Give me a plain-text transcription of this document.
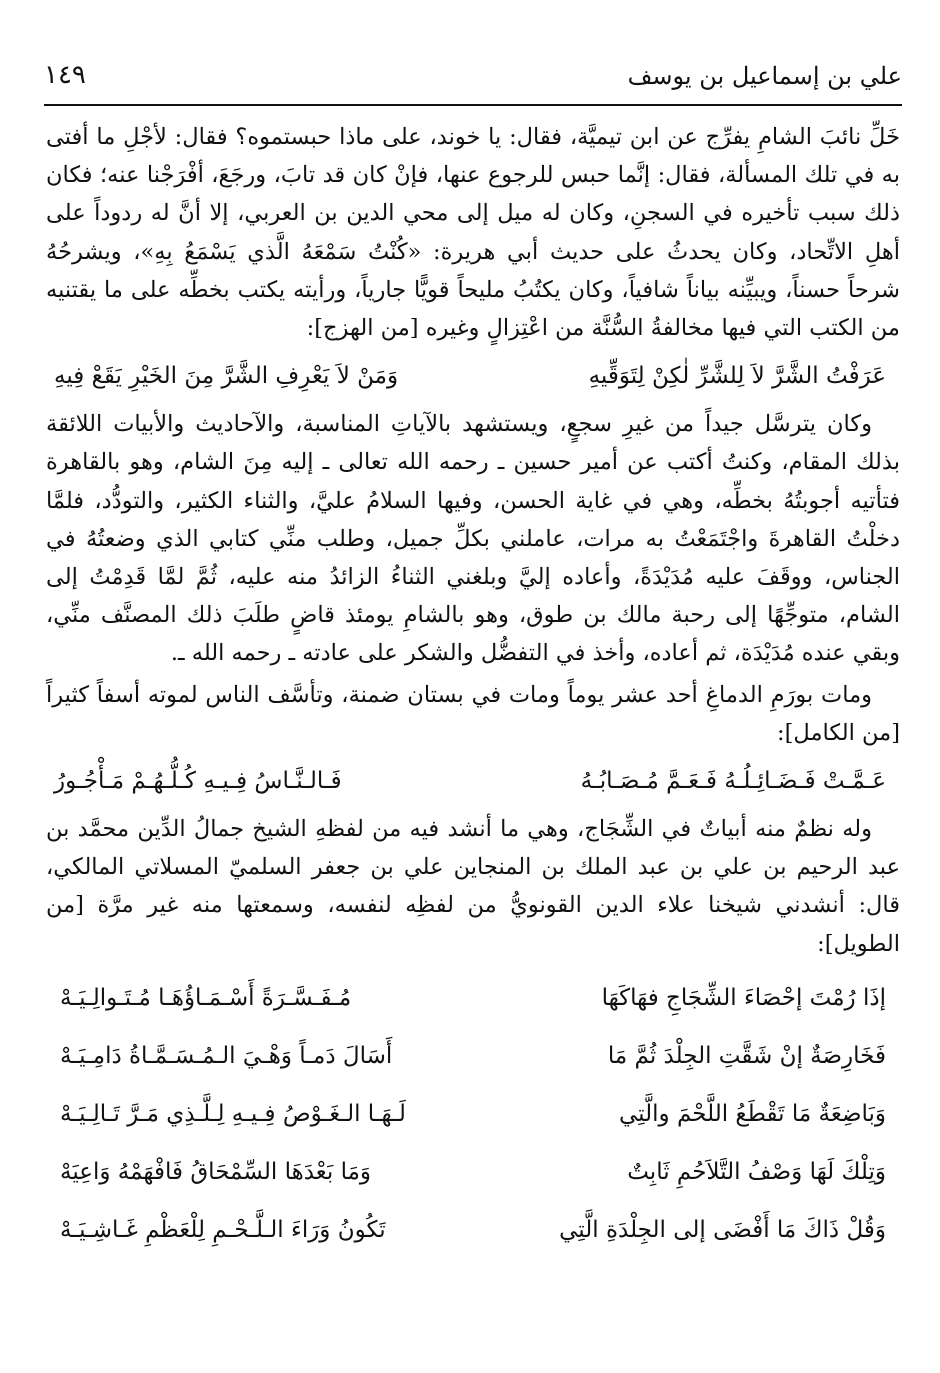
علي بن إسماعيل بن يوسف
١٤٩

خَلِّ نائبَ الشامِ يفرِّج عن ابن تيميَّة، فقال: يا خوند، على ماذا حبستموه؟ فقال: لأجْلِ ما أفتى به في تلك المسألة، فقال: إنَّما حبس للرجوع عنها، فإنْ كان قد تابَ، ورجَعَ، أفْرَجْنا عنه؛ فكان ذلك سبب تأخيره في السجنِ، وكان له ميل إلى محي الدين بن العربي، إلا أنَّ له ردوداً على أهلِ الاتِّحاد، وكان يحدثُ على حديث أبي هريرة: «كُنْتُ سَمْعَهُ الَّذي يَسْمَعُ بِهِ»، ويشرحُهُ شرحاً حسناً، ويبيِّنه بياناً شافياً، وكان يكتُبُ مليحاً قويًّا جارياً، ورأيته يكتب بخطِّه على ما يقتنيه من الكتب التي فيها مخالفةُ السُّنَّة من اعْتِزالٍ وغيره [من الهزج]:

عَرَفْتُ الشَّرَّ لاَ لِلشَّرِّ لٰكِنْ لِتَوَقِّيهِ
وَمَنْ لاَ يَعْرِفِ الشَّرَّ مِنَ الخَيْرِ يَقَعْ فِيهِ

وكان يترسَّل جيداً من غيرِ سجعٍ، ويستشهد بالآياتِ المناسبة، والآحاديث والأبيات اللائقة بذلك المقام، وكنتُ أكتب عن أمير حسين ـ رحمه الله تعالى ـ إليه مِنَ الشام، وهو بالقاهرة فتأتيه أجوبتُهُ بخطِّه، وهي في غاية الحسن، وفيها السلامُ عليَّ، والثناء الكثير، والتودُّد، فلمَّا دخلْتُ القاهرةَ واجْتَمَعْتُ به مرات، عاملني بكلِّ جميل، وطلب منِّي كتابي الذي وضعتُهُ في الجناس، ووقَفَ عليه مُدَيْدَةً، وأعاده إليَّ وبلغني الثناءُ الزائدُ منه عليه، ثُمَّ لمَّا قَدِمْتُ إلى الشام، متوجِّهًا إلى رحبة مالك بن طوق، وهو بالشامِ يومئذ قاضٍ طلَبَ ذلك المصنَّف منِّي، وبقي عنده مُدَيْدَة، ثم أعاده، وأخذ في التفضُّل والشكر على عادته ـ رحمه الله ـ.

ومات بورَمِ الدماغِ أحد عشر يوماً ومات في بستان ضمنة، وتأسَّف الناس لموته أسفاً كثيراً [من الكامل]:

عَـمَّـتْ فَـضَـائِـلُـهُ فَـعَـمَّ مُـصَـابُـهُ
فَـالـنَّـاسُ فِـيـهِ كُـلُّـهُـمْ مَـأْجُـورُ

وله نظمٌ منه أبياتٌ في الشِّجَاج، وهي ما أنشد فيه من لفظهِ الشيخ جمالُ الدِّين محمَّد بن عبد الرحيم بن علي بن عبد الملك بن المنجاين علي بن جعفر السلميّ المسلاتي المالكي، قال: أنشدني شيخنا علاء الدين القونويُّ من لفظِه لنفسه، وسمعتها منه غير مرَّة [من الطويل]:

إذَا رُمْتَ إحْصَاءَ الشِّجَاجِ فهَاكَهَا
مُـفَـسَّـرَةً أَسْـمَـاؤُهَـا مُـتَـوالِـيَـهْ
فَخَارِصَةٌ إنْ شَقَّتِ الجِلْدَ ثُمَّ مَا
أَسَالَ دَمـاً وَهْـيَ الـمُـسَـمَّـاةُ دَامِـيَـهْ
وَبَاضِعَةٌ مَا تَقْطَعُ اللَّحْمَ والَّتِي
لَـهَـا الـغَـوْصُ فِـيـهِ لِـلَّـذِي مَـرَّ تَـالِـيَـهْ
وَتِلْكَ لَهَا وَصْفُ التَّلاَحُمِ ثَابِتٌ
وَمَا بَعْدَهَا السِّمْحَاقُ فَافْهَمْهُ وَاعِيَهْ
وَقُلْ ذَاكَ مَا أَفْضَى إلى الجِلْدَةِ الَّتِي
تَكُونُ وَرَاءَ الـلَّـحْـمِ لِلْعَظْمِ غَـاشِـيَـهْ
